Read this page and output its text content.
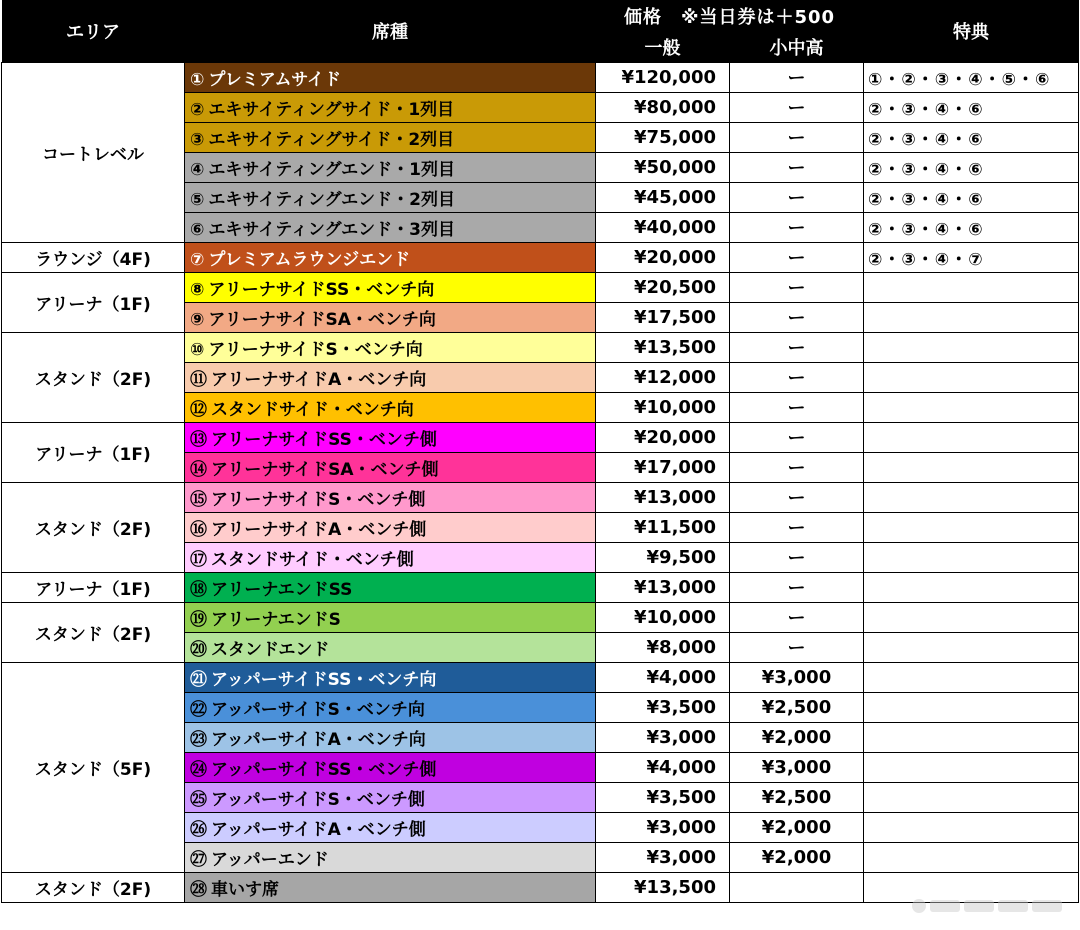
エリア	席種	価格　※当日券は＋500		特典
		一般	小中高	
コートレベル	① プレミアムサイド	¥120,000	ー	①・②・③・④・⑤・⑥
	② エキサイティングサイド・1列目	¥80,000	ー	②・③・④・⑥
	③ エキサイティングサイド・2列目	¥75,000	ー	②・③・④・⑥
	④ エキサイティングエンド・1列目	¥50,000	ー	②・③・④・⑥
	⑤ エキサイティングエンド・2列目	¥45,000	ー	②・③・④・⑥
	⑥ エキサイティングエンド・3列目	¥40,000	ー	②・③・④・⑥
ラウンジ（4F)	⑦ プレミアムラウンジエンド	¥20,000	ー	②・③・④・⑦
アリーナ（1F)	⑧ アリーナサイドSS・ベンチ向	¥20,500	ー	
	⑨ アリーナサイドSA・ベンチ向	¥17,500	ー	
スタンド（2F)	⑩ アリーナサイドS・ベンチ向	¥13,500	ー	
	⑪ アリーナサイドA・ベンチ向	¥12,000	ー	
	⑫ スタンドサイド・ベンチ向	¥10,000	ー	
アリーナ（1F)	⑬ アリーナサイドSS・ベンチ側	¥20,000	ー	
	⑭ アリーナサイドSA・ベンチ側	¥17,000	ー	
スタンド（2F)	⑮ アリーナサイドS・ベンチ側	¥13,000	ー	
	⑯ アリーナサイドA・ベンチ側	¥11,500	ー	
	⑰ スタンドサイド・ベンチ側	¥9,500	ー	
アリーナ（1F)	⑱ アリーナエンドSS	¥13,000	ー	
スタンド（2F)	⑲ アリーナエンドS	¥10,000	ー	
	⑳ スタンドエンド	¥8,000	ー	
スタンド（5F)	㉑ アッパーサイドSS・ベンチ向	¥4,000	¥3,000	
	㉒ アッパーサイドS・ベンチ向	¥3,500	¥2,500	
	㉓ アッパーサイドA・ベンチ向	¥3,000	¥2,000	
	㉔ アッパーサイドSS・ベンチ側	¥4,000	¥3,000	
	㉕ アッパーサイドS・ベンチ側	¥3,500	¥2,500	
	㉖ アッパーサイドA・ベンチ側	¥3,000	¥2,000	
	㉗ アッパーエンド	¥3,000	¥2,000	
スタンド（2F)	㉘ 車いす席	¥13,500		
